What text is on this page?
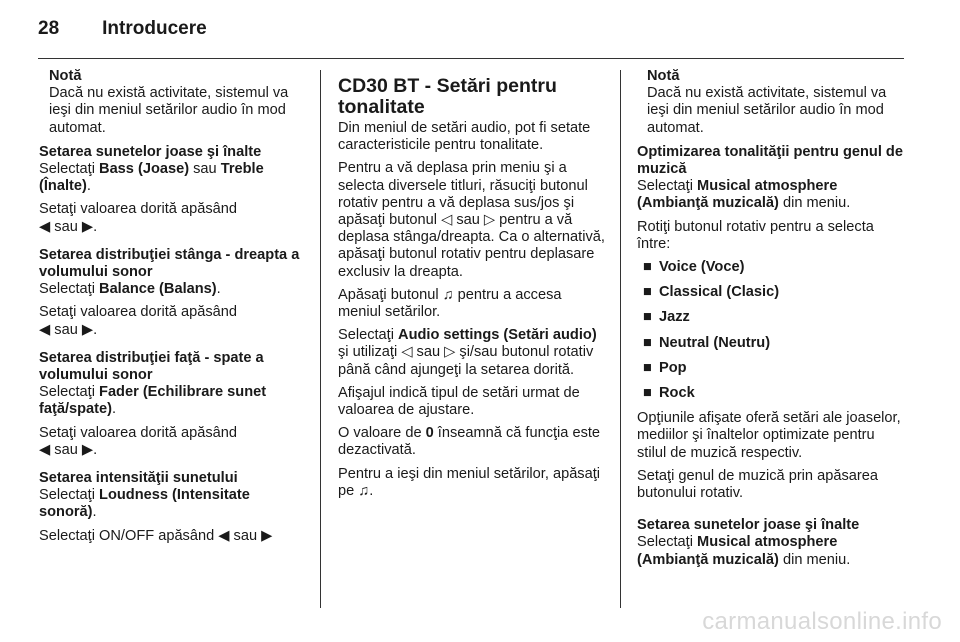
28 Introducere
Notă
Dacă nu există activitate, sistemul va ieşi din meniul setărilor audio în mod automat.
Setarea sunetelor joase şi înalte

Selectaţi Bass (Joase) sau Treble (Înalte).

Setaţi valoarea dorită apăsând
◀ sau ▶.

Setarea distribuţiei stânga - dreapta a volumului sonor

Selectaţi Balance (Balans).

Setaţi valoarea dorită apăsând
◀ sau ▶.

Setarea distribuţiei faţă - spate a volumului sonor

Selectaţi Fader (Echilibrare sunet faţă/spate).

Setaţi valoarea dorită apăsând
◀ sau ▶.

Setarea intensităţii sunetului

Selectaţi Loudness (Intensitate sonoră).

Selectaţi ON/OFF apăsând ◀ sau ▶

CD30 BT - Setări pentru tonalitate

Din meniul de setări audio, pot fi setate caracteristicile pentru tonalitate.

Pentru a vă deplasa prin meniu şi a selecta diversele titluri, răsuciţi butonul rotativ pentru a vă deplasa sus/jos şi apăsaţi butonul ◁ sau ▷ pentru a vă deplasa stânga/dreapta. Ca o alternativă, apăsaţi butonul rotativ pentru deplasare exclusiv la dreapta.

Apăsaţi butonul ♫ pentru a accesa meniul setărilor.

Selectaţi Audio settings (Setări audio) şi utilizaţi ◁ sau ▷ şi/sau butonul rotativ până când ajungeţi la setarea dorită.

Afişajul indică tipul de setări urmat de valoarea de ajustare.

O valoare de 0 înseamnă că funcţia este dezactivată.

Pentru a ieşi din meniul setărilor, apăsaţi pe ♫.

Notă
Dacă nu există activitate, sistemul va ieşi din meniul setărilor audio în mod automat.
Optimizarea tonalităţii pentru genul de muzică

Selectaţi Musical atmosphere (Ambianţă muzicală) din meniu.

Rotiţi butonul rotativ pentru a selecta între:

■ Voice (Voce)
■ Classical (Clasic)
■ Jazz
■ Neutral (Neutru)
■ Pop
■ Rock

Opţiunile afişate oferă setări ale joaselor, mediilor şi înaltelor optimizate pentru stilul de muzică respectiv.

Setaţi genul de muzică prin apăsarea butonului rotativ.

Setarea sunetelor joase şi înalte

Selectaţi Musical atmosphere (Ambianţă muzicală) din meniu.

carmanualsonline.info
